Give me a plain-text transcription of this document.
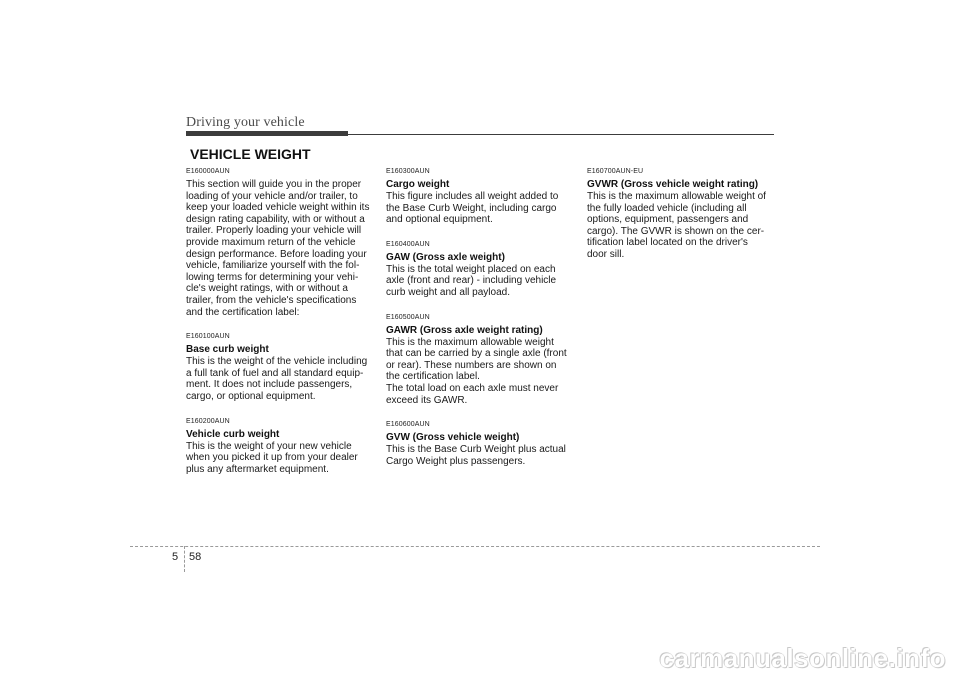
Driving your vehicle
VEHICLE WEIGHT
E160000AUN

This section will guide you in the proper
loading of your vehicle and/or trailer, to
keep your loaded vehicle weight within its
design rating capability, with or without a
trailer. Properly loading your vehicle will
provide maximum return of the vehicle
design performance. Before loading your
vehicle, familiarize yourself with the fol-
lowing terms for determining your vehi-
cle's weight ratings, with or without a
trailer, from the vehicle's specifications
and the certification label:

E160100AUN
Base curb weight

This is the weight of the vehicle including
a full tank of fuel and all standard equip-
ment. It does not include passengers,
cargo, or optional equipment.

E160200AUN
Vehicle curb weight

This is the weight of your new vehicle
when you picked it up from your dealer
plus any aftermarket equipment.

E160300AUN
Cargo weight

This figure includes all weight added to
the Base Curb Weight, including cargo
and optional equipment.

E160400AUN
GAW (Gross axle weight)

This is the total weight placed on each
axle (front and rear) - including vehicle
curb weight and all payload.

E160500AUN
GAWR (Gross axle weight rating)

This is the maximum allowable weight
that can be carried by a single axle (front
or rear). These numbers are shown on
the certification label.
The total load on each axle must never
exceed its GAWR.

E160600AUN
GVW (Gross vehicle weight)

This is the Base Curb Weight plus actual
Cargo Weight plus passengers.

E160700AUN-EU
GVWR (Gross vehicle weight rating)

This is the maximum allowable weight of
the fully loaded vehicle (including all
options, equipment, passengers and
cargo). The GVWR is shown on the cer-
tification label located on the driver's
door sill.

5 58
carmanualsonline.info
